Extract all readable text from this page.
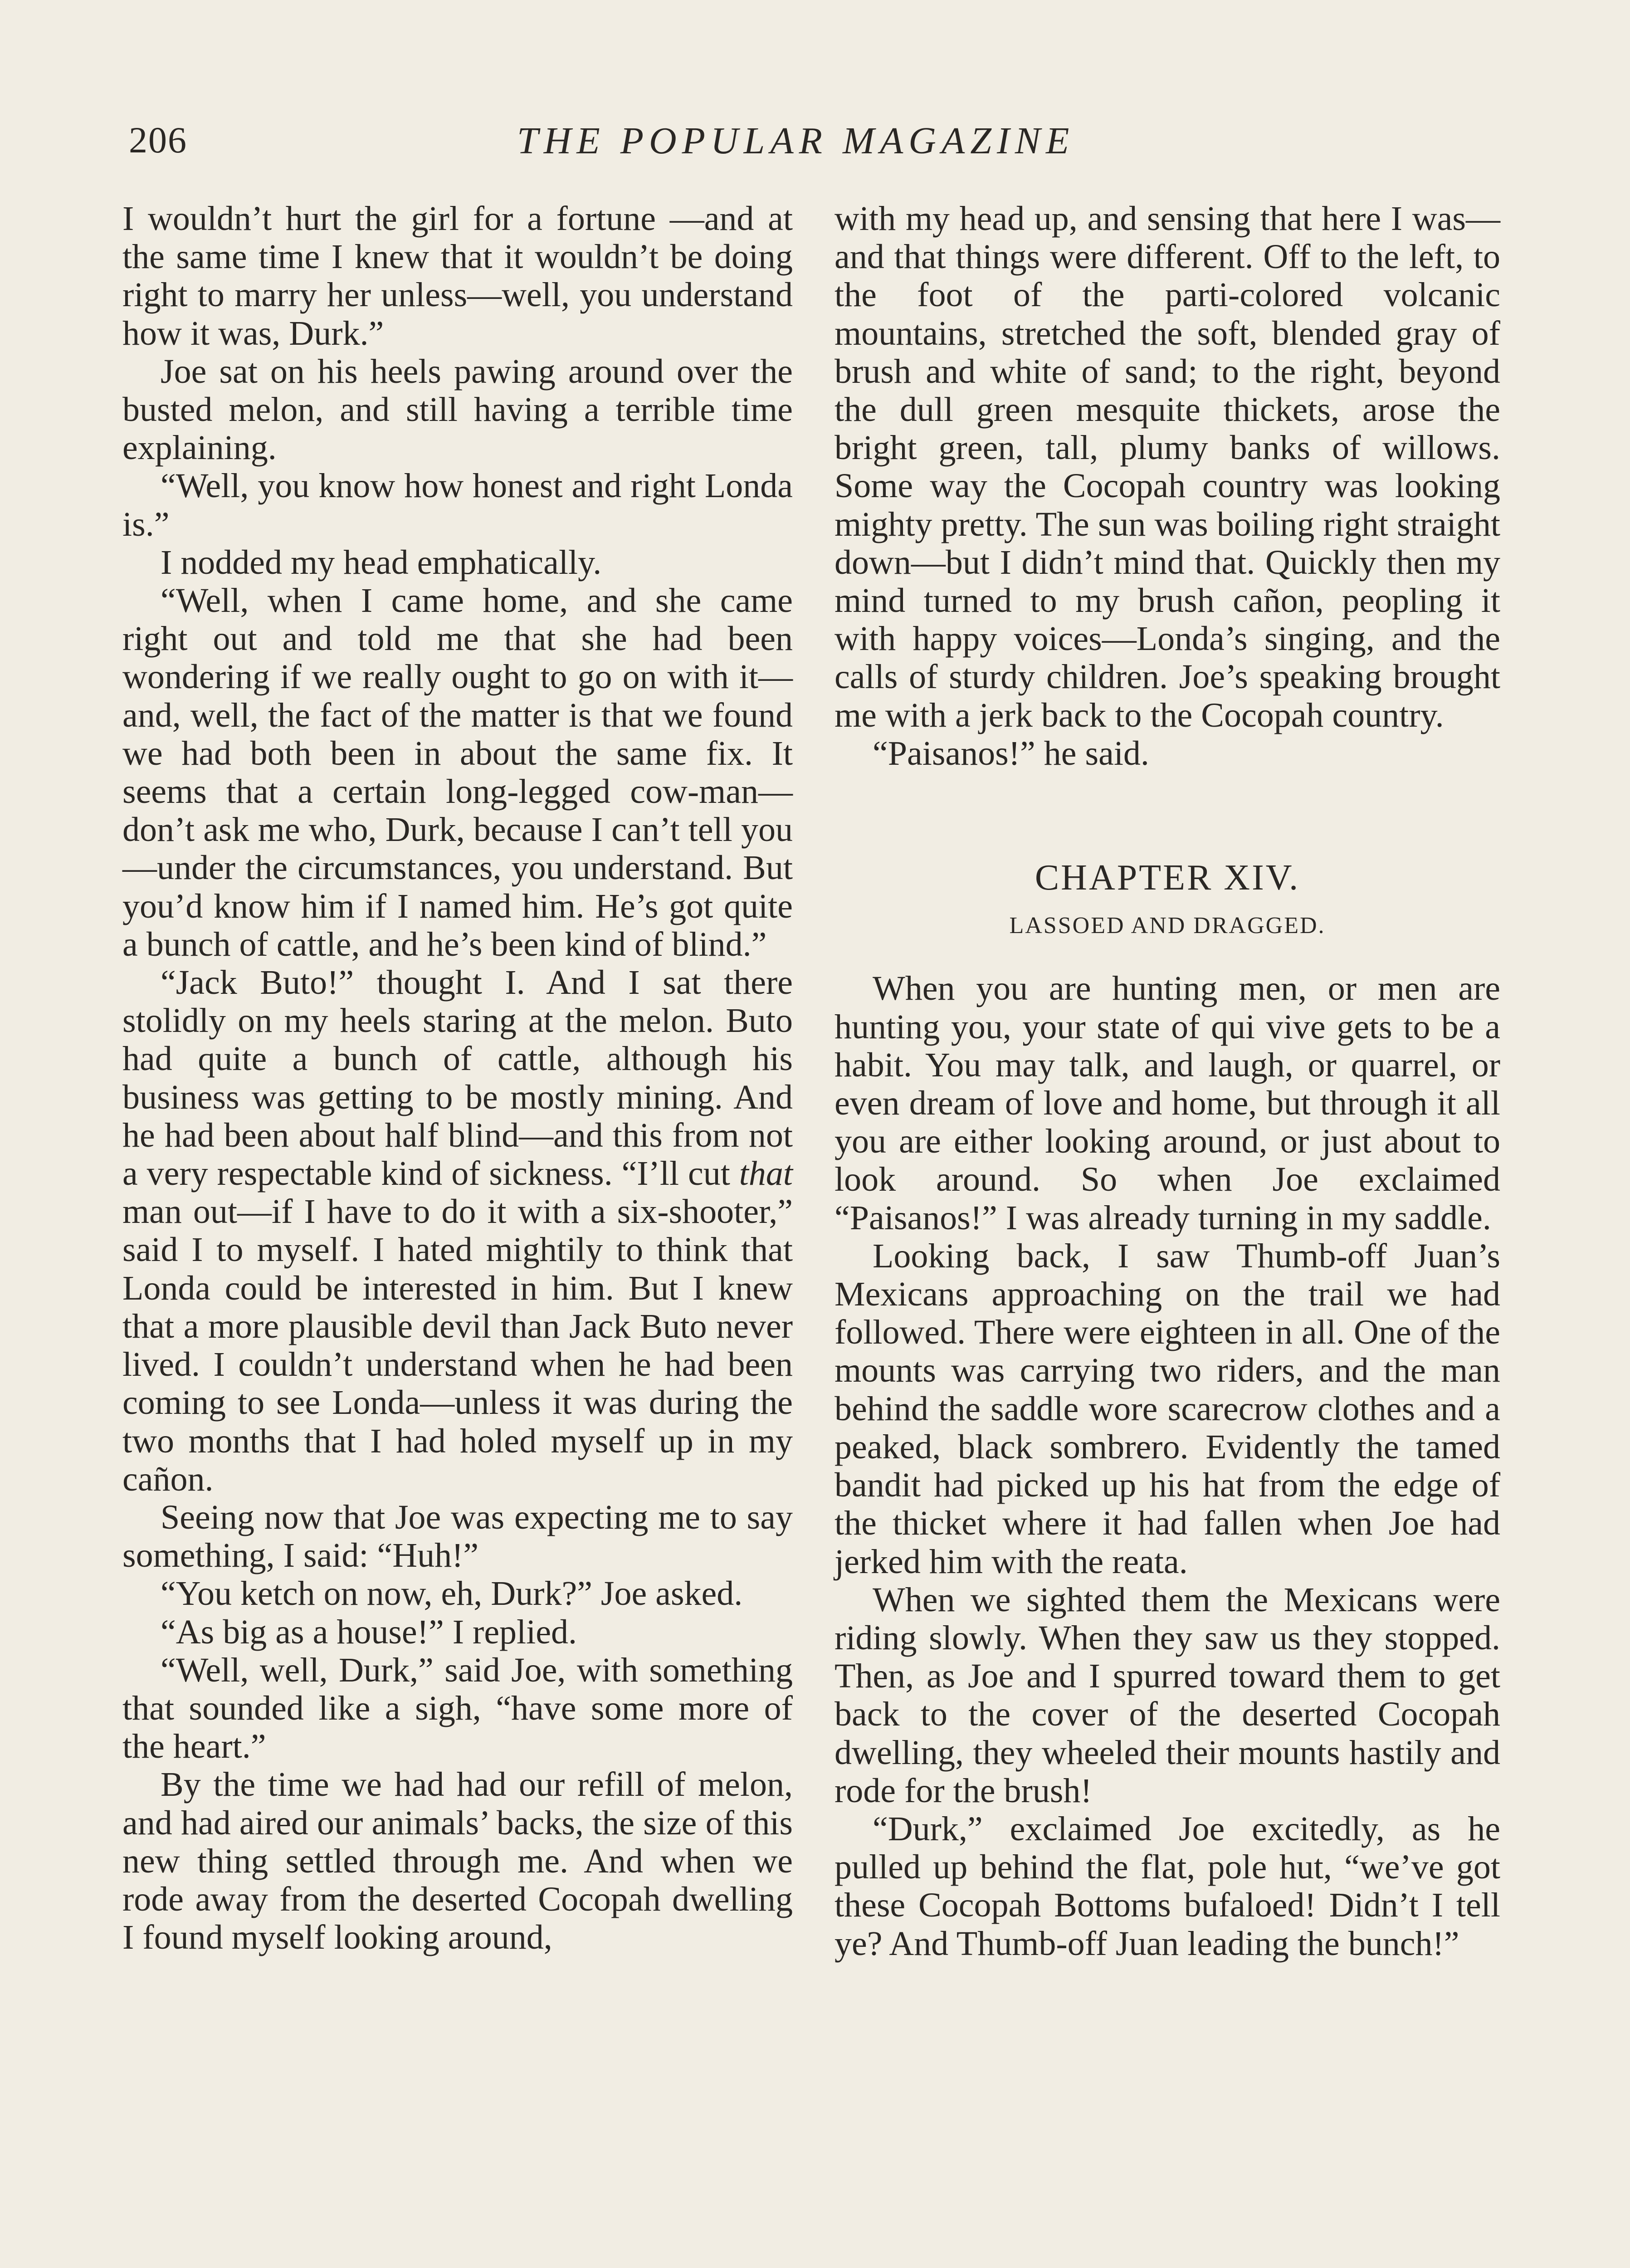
206	THE POPULAR MAGAZINE

I wouldn’t hurt the girl for a fortune —and at the same time I knew that it wouldn’t be doing right to marry her unless—well, you understand how it was, Durk.”

Joe sat on his heels pawing around over the busted melon, and still having a terrible time explaining.

“Well, you know how honest and right Londa is.”

I nodded my head emphatically.

“Well, when I came home, and she came right out and told me that she had been wondering if we really ought to go on with it—and, well, the fact of the matter is that we found we had both been in about the same fix. It seems that a certain long-legged cow-man—don’t ask me who, Durk, because I can’t tell you—under the circumstances, you understand. But you’d know him if I named him. He’s got quite a bunch of cattle, and he’s been kind of blind.”

“Jack Buto!” thought I. And I sat there stolidly on my heels staring at the melon. Buto had quite a bunch of cattle, although his business was getting to be mostly mining. And he had been about half blind—and this from not a very respectable kind of sickness. “I’ll cut that man out—if I have to do it with a six-shooter,” said I to myself. I hated mightily to think that Londa could be interested in him. But I knew that a more plausible devil than Jack Buto never lived. I couldn’t understand when he had been coming to see Londa—unless it was during the two months that I had holed myself up in my cañon.

Seeing now that Joe was expecting me to say something, I said: “Huh!”

“You ketch on now, eh, Durk?” Joe asked.

“As big as a house!” I replied.

“Well, well, Durk,” said Joe, with something that sounded like a sigh, “have some more of the heart.”

By the time we had had our refill of melon, and had aired our animals’ backs, the size of this new thing settled through me. And when we rode away from the deserted Cocopah dwelling I found myself looking around,

with my head up, and sensing that here I was—and that things were different. Off to the left, to the foot of the parti-colored volcanic mountains, stretched the soft, blended gray of brush and white of sand; to the right, beyond the dull green mesquite thickets, arose the bright green, tall, plumy banks of willows. Some way the Cocopah country was looking mighty pretty. The sun was boiling right straight down—but I didn’t mind that. Quickly then my mind turned to my brush cañon, peopling it with happy voices—Londa’s singing, and the calls of sturdy children. Joe’s speaking brought me with a jerk back to the Cocopah country.

“Paisanos!” he said.

CHAPTER XIV.
LASSOED AND DRAGGED.

When you are hunting men, or men are hunting you, your state of qui vive gets to be a habit. You may talk, and laugh, or quarrel, or even dream of love and home, but through it all you are either looking around, or just about to look around. So when Joe exclaimed “Paisanos!” I was already turning in my saddle.

Looking back, I saw Thumb-off Juan’s Mexicans approaching on the trail we had followed. There were eighteen in all. One of the mounts was carrying two riders, and the man behind the saddle wore scarecrow clothes and a peaked, black sombrero. Evidently the tamed bandit had picked up his hat from the edge of the thicket where it had fallen when Joe had jerked him with the reata.

When we sighted them the Mexicans were riding slowly. When they saw us they stopped. Then, as Joe and I spurred toward them to get back to the cover of the deserted Cocopah dwelling, they wheeled their mounts hastily and rode for the brush!

“Durk,” exclaimed Joe excitedly, as he pulled up behind the flat, pole hut, “we’ve got these Cocopah Bottoms bufaloed! Didn’t I tell ye? And Thumb-off Juan leading the bunch!”
